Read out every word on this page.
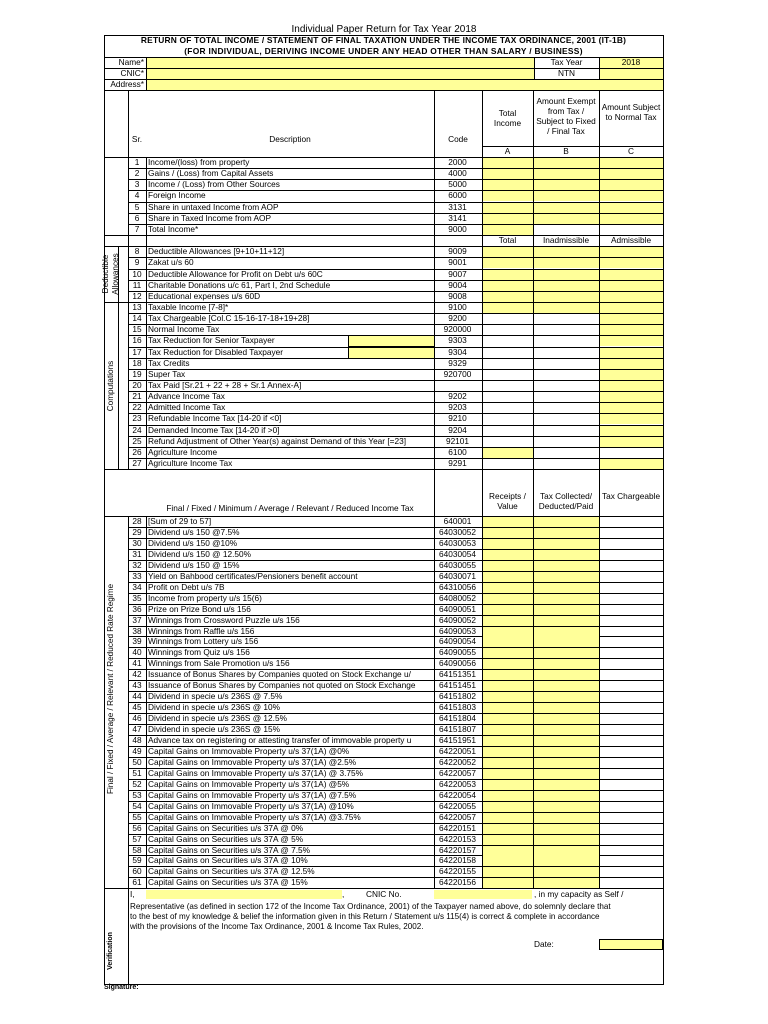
Individual Paper Return for Tax Year 2018
RETURN OF TOTAL INCOME / STATEMENT OF FINAL TAXATION UNDER THE INCOME TAX ORDINANCE, 2001 (IT-1B)
(FOR INDIVIDUAL, DERIVING INCOME UNDER ANY HEAD OTHER THAN SALARY / BUSINESS)
Name*
CNIC*
Address*
Tax Year	2018
NTN
Sr.	Description	Code
Total Income
Amount Exempt from Tax / Subject to Fixed / Final Tax
Amount Subject to Normal Tax
A	B	C
1	Income/(loss) from property	2000
2	Gains / (Loss) from Capital Assets	4000
3	Income / (Loss) from Other Sources	5000
4	Foreign Income	6000
5	Share in untaxed Income from AOP	3131
6	Share in Taxed Income from AOP	3141
7	Total Income*	9000
Total	Inadmissible	Admissible
8	Deductible Allowances [9+10+11+12]	9009
9	Zakat u/s 60	9001
10 Deductible Allowance for Profit on Debt u/s 60C	9007
11 Charitable Donations u/c 61, Part I, 2nd Schedule	9004
12 Educational expenses u/s 60D	9008
13 Taxable Income [7-8]*	9100
14 Tax Chargeable [Col.C 15-16-17-18+19+28]	9200
15 Normal Income Tax	920000
16 Tax Reduction for Senior Taxpayer	9303
17 Tax Reduction for Disabled Taxpayer	9304
18 Tax Credits	9329
19 Super Tax	920700
20 Tax Paid [Sr.21 + 22 + 28 + Sr.1 Annex-A]
21 Advance Income Tax	9202
22 Admitted Income Tax	9203
23 Refundable Income Tax [14-20 if <0]	9210
24 Demanded Income Tax [14-20 if >0]	9204
25 Refund Adjustment of Other Year(s) against Demand of this Year [=23]	92101
26 Agriculture Income	6100
27 Agriculture Income Tax	9291
Deductible Allowances
Computations
Final / Fixed / Minimum / Average / Relevant / Reduced Income Tax
Receipts / Value
Tax Collected/ Deducted/Paid
Tax Chargeable
28 [Sum of 29 to 57]	640001
29 Dividend u/s 150 @7.5%	64030052
30 Dividend u/s 150 @10%	64030053
31 Dividend u/s 150 @ 12.50%	64030054
32 Dividend u/s 150 @ 15%	64030055
33 Yield on Bahbood certificates/Pensioners benefit account	64030071
34 Profit on Debt u/s 7B	64310056
35 Income from property u/s 15(6)	64080052
36 Prize on Prize Bond u/s 156	64090051
37 Winnings from Crossword Puzzle u/s 156	64090052
38 Winnings from Raffle u/s 156	64090053
39 Winnings from Lottery u/s 156	64090054
40 Winnings from Quiz u/s 156	64090055
41 Winnings from Sale Promotion u/s 156	64090056
42 Issuance of Bonus Shares by Companies quoted on Stock Exchange u/	64151351
43 Issuance of Bonus Shares by Companies not quoted on Stock Exchange	64151451
44 Dividend in specie u/s 236S @ 7.5%	64151802
45 Dividend in specie u/s 236S @ 10%	64151803
46 Dividend in specie u/s 236S @ 12.5%	64151804
47 Dividend in specie u/s 236S @ 15%	64151807
48 Advance tax on registering or attesting transfer of immovable property u	64151951
49 Capital Gains on Immovable Property u/s 37(1A) @0%	64220051
50 Capital Gains on Immovable Property u/s 37(1A) @2.5%	64220052
51 Capital Gains on Immovable Property u/s 37(1A) @ 3.75%	64220057
52 Capital Gains on Immovable Property u/s 37(1A) @5%	64220053
53 Capital Gains on Immovable Property u/s 37(1A) @7.5%	64220054
54 Capital Gains on Immovable Property u/s 37(1A) @10%	64220055
55 Capital Gains on Immovable Property u/s 37(1A) @3.75%	64220057
56 Capital Gains on Securities u/s 37A @ 0%	64220151
57 Capital Gains on Securities u/s 37A @ 5%	64220153
58 Capital Gains on Securities u/s 37A @ 7.5%	64220157
59 Capital Gains on Securities u/s 37A @ 10%	64220158
60 Capital Gains on Securities u/s 37A @ 12.5%	64220155
61 Capital Gains on Securities u/s 37A @ 15%	64220156
Final / Fixed / Average / Relevant / Reduced Rate Regime
I,	,	CNIC No.	, in my capacity as Self /
Representative (as defined in section 172 of the Income Tax Ordinance, 2001) of the Taxpayer named above, do solemnly declare that
to the best of my knowledge & belief the information given in this Return / Statement u/s 115(4) is correct & complete in accordance
with the provisions of the Income Tax Ordinance, 2001 & Income Tax Rules, 2002.
Date:
Verification
Signature:
